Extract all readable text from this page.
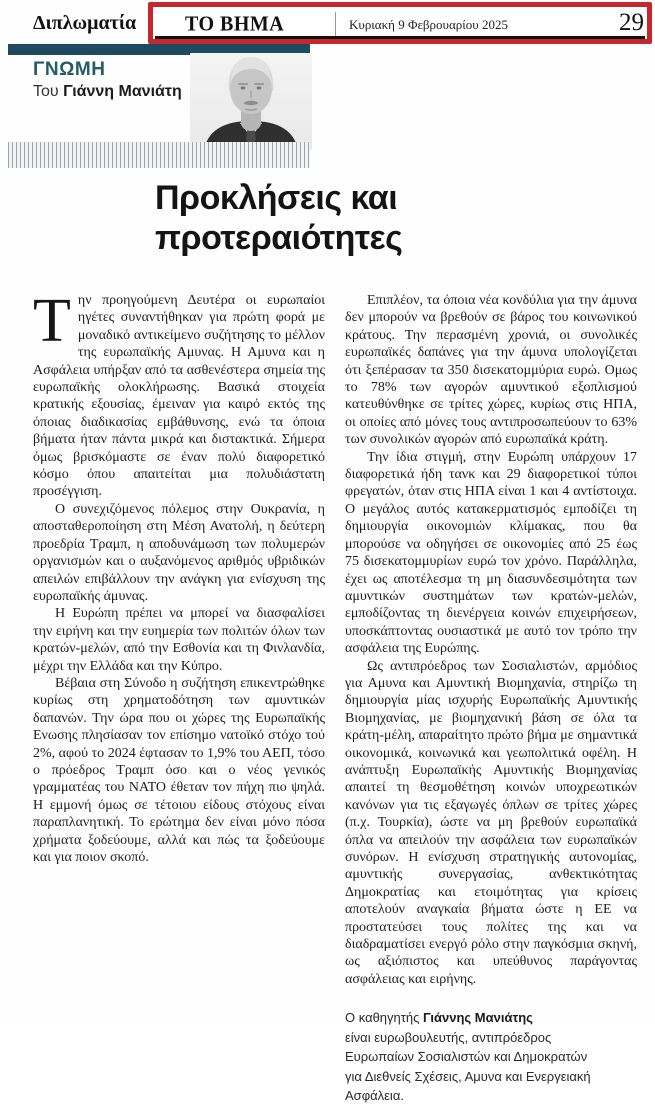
Διπλωματία ΤΟ ΒΗΜΑ	Κυριακή 9 Φεβρουαρίου 2025	29
ΓΝΩΜΗ
Του Γιάννη Μανιάτη
Προκλήσεις και
προτεραιότητες

Την προηγούμενη Δευτέρα οι ευρωπαίοι ηγέτες συναντήθηκαν για πρώτη φορά με μοναδικό αντικείμενο συζήτησης το μέλλον της ευρωπαϊκής Αμυνας. Η Αμυνα και η Ασφάλεια υπήρξαν από τα ασθενέστερα σημεία της ευρωπαϊκής ολοκλήρωσης. Βασικά στοιχεία κρατικής εξουσίας, έμειναν για καιρό εκτός της όποιας διαδικασίας εμβάθυνσης, ενώ τα όποια βήματα ήταν πάντα μικρά και διστακτικά. Σήμερα όμως βρισκόμαστε σε έναν πολύ διαφορετικό κόσμο όπου απαιτείται μια πολυδιάστατη προσέγγιση.

Ο συνεχιζόμενος πόλεμος στην Ουκρανία, η αποσταθεροποίηση στη Μέση Ανατολή, η δεύτερη προεδρία Τραμπ, η αποδυνάμωση των πολυμερών οργανισμών και ο αυξανόμενος αριθμός υβριδικών απειλών επιβάλλουν την ανάγκη για ενίσχυση της ευρωπαϊκής άμυνας.

Η Ευρώπη πρέπει να μπορεί να διασφαλίσει την ειρήνη και την ευημερία των πολιτών όλων των κρατών-μελών, από την Εσθονία και τη Φινλανδία, μέχρι την Ελλάδα και την Κύπρο.

Βέβαια στη Σύνοδο η συζήτηση επικεντρώθηκε κυρίως στη χρηματοδότηση των αμυντικών δαπανών. Την ώρα που οι χώρες της Ευρωπαϊκής Ενωσης πλησίασαν τον επίσημο νατοϊκό στόχο τού 2%, αφού το 2024 έφτασαν το 1,9% του ΑΕΠ, τόσο ο πρόεδρος Τραμπ όσο και ο νέος γενικός γραμματέας του ΝΑΤΟ έθεταν τον πήχη πιο ψηλά. Η εμμονή όμως σε τέτοιου είδους στόχους είναι παραπλανητική. Το ερώτημα δεν είναι μόνο πόσα χρήματα ξοδεύουμε, αλλά και πώς τα ξοδεύουμε και για ποιον σκοπό.

Επιπλέον, τα όποια νέα κονδύλια για την άμυνα δεν μπορούν να βρεθούν σε βάρος του κοινωνικού κράτους. Την περασμένη χρονιά, οι συνολικές ευρωπαϊκές δαπάνες για την άμυνα υπολογίζεται ότι ξεπέρασαν τα 350 δισεκατομμύρια ευρώ. Ομως το 78% των αγορών αμυντικού εξοπλισμού κατευθύνθηκε σε τρίτες χώρες, κυρίως στις ΗΠΑ, οι οποίες από μόνες τους αντιπροσωπεύουν το 63% των συνολικών αγορών από ευρωπαϊκά κράτη.

Την ίδια στιγμή, στην Ευρώπη υπάρχουν 17 διαφορετικά ήδη τανκ και 29 διαφορετικοί τύποι φρεγατών, όταν στις ΗΠΑ είναι 1 και 4 αντίστοιχα. Ο μεγάλος αυτός κατακερματισμός εμποδίζει τη δημιουργία οικονομιών κλίμακας, που θα μπορούσε να οδηγήσει σε οικονομίες από 25 έως 75 δισεκατομμυρίων ευρώ τον χρόνο. Παράλληλα, έχει ως αποτέλεσμα τη μη διασυνδεσιμότητα των αμυντικών συστημάτων των κρατών-μελών, εμποδίζοντας τη διενέργεια κοινών επιχειρήσεων, υποσκάπτοντας ουσιαστικά με αυτό τον τρόπο την ασφάλεια της Ευρώπης.

Ως αντιπρόεδρος των Σοσιαλιστών, αρμόδιος για Αμυνα και Αμυντική Βιομηχανία, στηρίζω τη δημιουργία μίας ισχυρής Ευρωπαϊκής Αμυντικής Βιομηχανίας, με βιομηχανική βάση σε όλα τα κράτη-μέλη, απαραίτητο πρώτο βήμα με σημαντικά οικονομικά, κοινωνικά και γεωπολιτικά οφέλη. Η ανάπτυξη Ευρωπαϊκής Αμυντικής Βιομηχανίας απαιτεί τη θεσμοθέτηση κοινών υποχρεωτικών κανόνων για τις εξαγωγές όπλων σε τρίτες χώρες (π.χ. Τουρκία), ώστε να μη βρεθούν ευρωπαϊκά όπλα να απειλούν την ασφάλεια των ευρωπαϊκών συνόρων. Η ενίσχυση στρατηγικής αυτονομίας, αμυντικής συνεργασίας, ανθεκτικότητας Δημοκρατίας και ετοιμότητας για κρίσεις αποτελούν αναγκαία βήματα ώστε η ΕΕ να προστατεύσει τους πολίτες της και να διαδραματίσει ενεργό ρόλο στην παγκόσμια σκηνή, ως αξιόπιστος και υπεύθυνος παράγοντας ασφάλειας και ειρήνης.

Ο καθηγητής Γιάννης Μανιάτης
είναι ευρωβουλευτής, αντιπρόεδρος
Ευρωπαίων Σοσιαλιστών και Δημοκρατών
για Διεθνείς Σχέσεις, Αμυνα και Ενεργειακή Ασφάλεια.
